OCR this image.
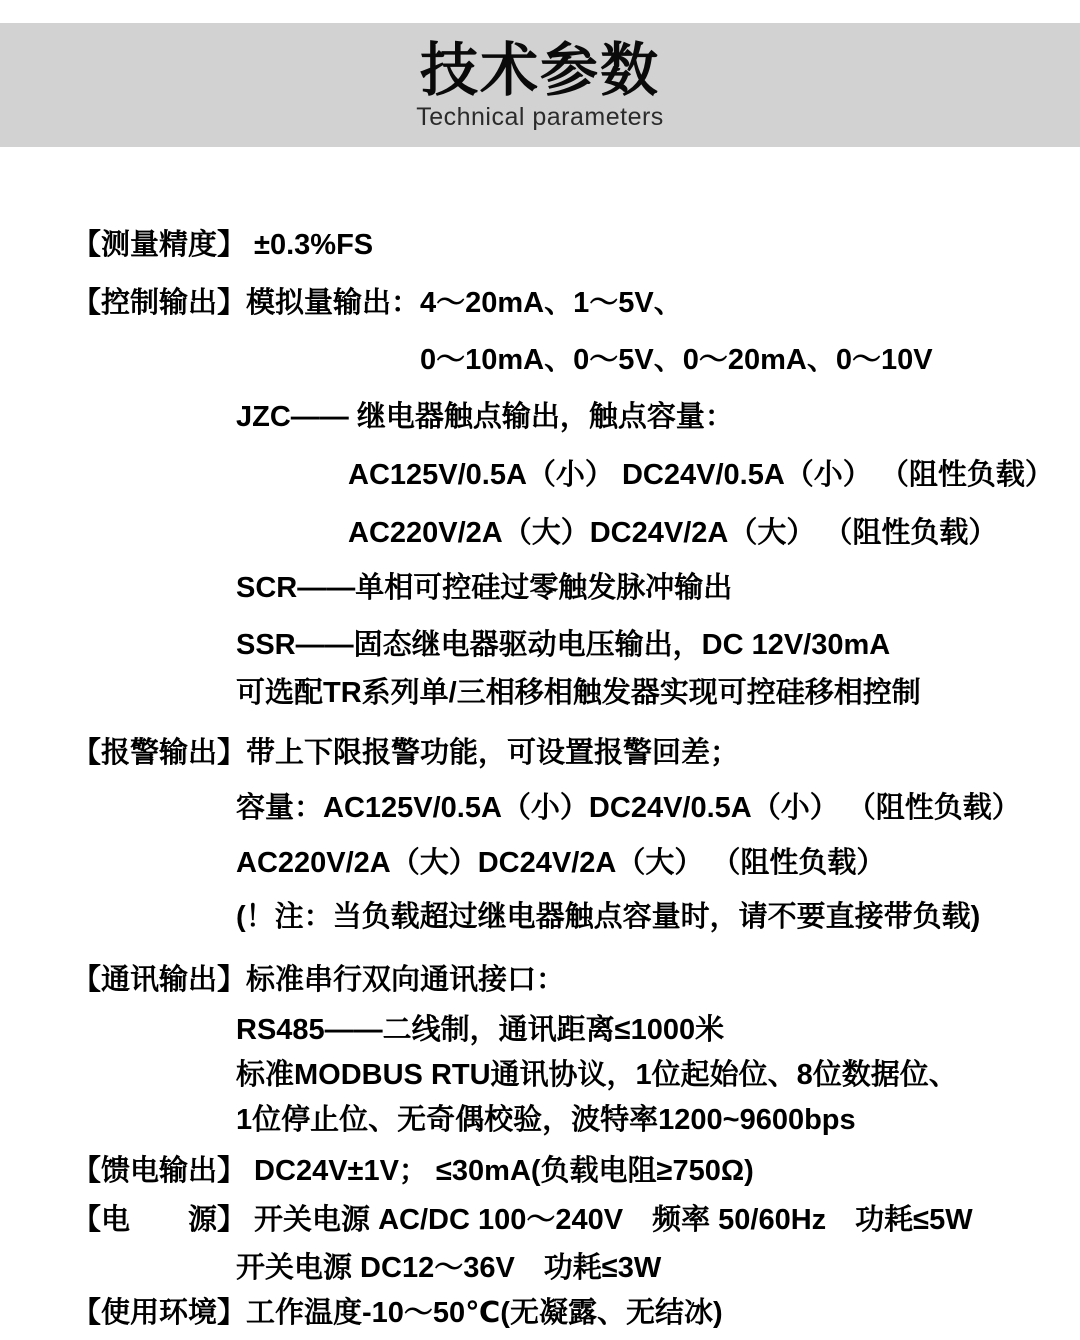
技术参数
Technical parameters
【测量精度】 ±0.3%FS
【控制输出】模拟量输出：4～20mA、1～5V、
0～10mA、0～5V、0～20mA、0～10V
JZC—— 继电器触点输出，触点容量：
AC125V/0.5A（小） DC24V/0.5A（小） （阻性负载）
AC220V/2A（大）DC24V/2A（大） （阻性负载）
SCR——单相可控硅过零触发脉冲输出
SSR——固态继电器驱动电压输出，DC 12V/30mA
可选配TR系列单/三相移相触发器实现可控硅移相控制
【报警输出】带上下限报警功能，可设置报警回差；
容量：AC125V/0.5A（小）DC24V/0.5A（小） （阻性负载）
AC220V/2A（大）DC24V/2A（大） （阻性负载）
(！注：当负载超过继电器触点容量时，请不要直接带负载)
【通讯输出】标准串行双向通讯接口：
RS485——二线制，通讯距离≤1000米
标准MODBUS RTU通讯协议，1位起始位、8位数据位、
1位停止位、无奇偶校验，波特率1200~9600bps
【馈电输出】 DC24V±1V； ≤30mA(负载电阻≥750Ω)
【电　　源】 开关电源 AC/DC 100～240V　频率 50/60Hz　功耗≤5W
开关电源 DC12～36V　功耗≤3W
【使用环境】工作温度-10～50℃(无凝露、无结冰)
